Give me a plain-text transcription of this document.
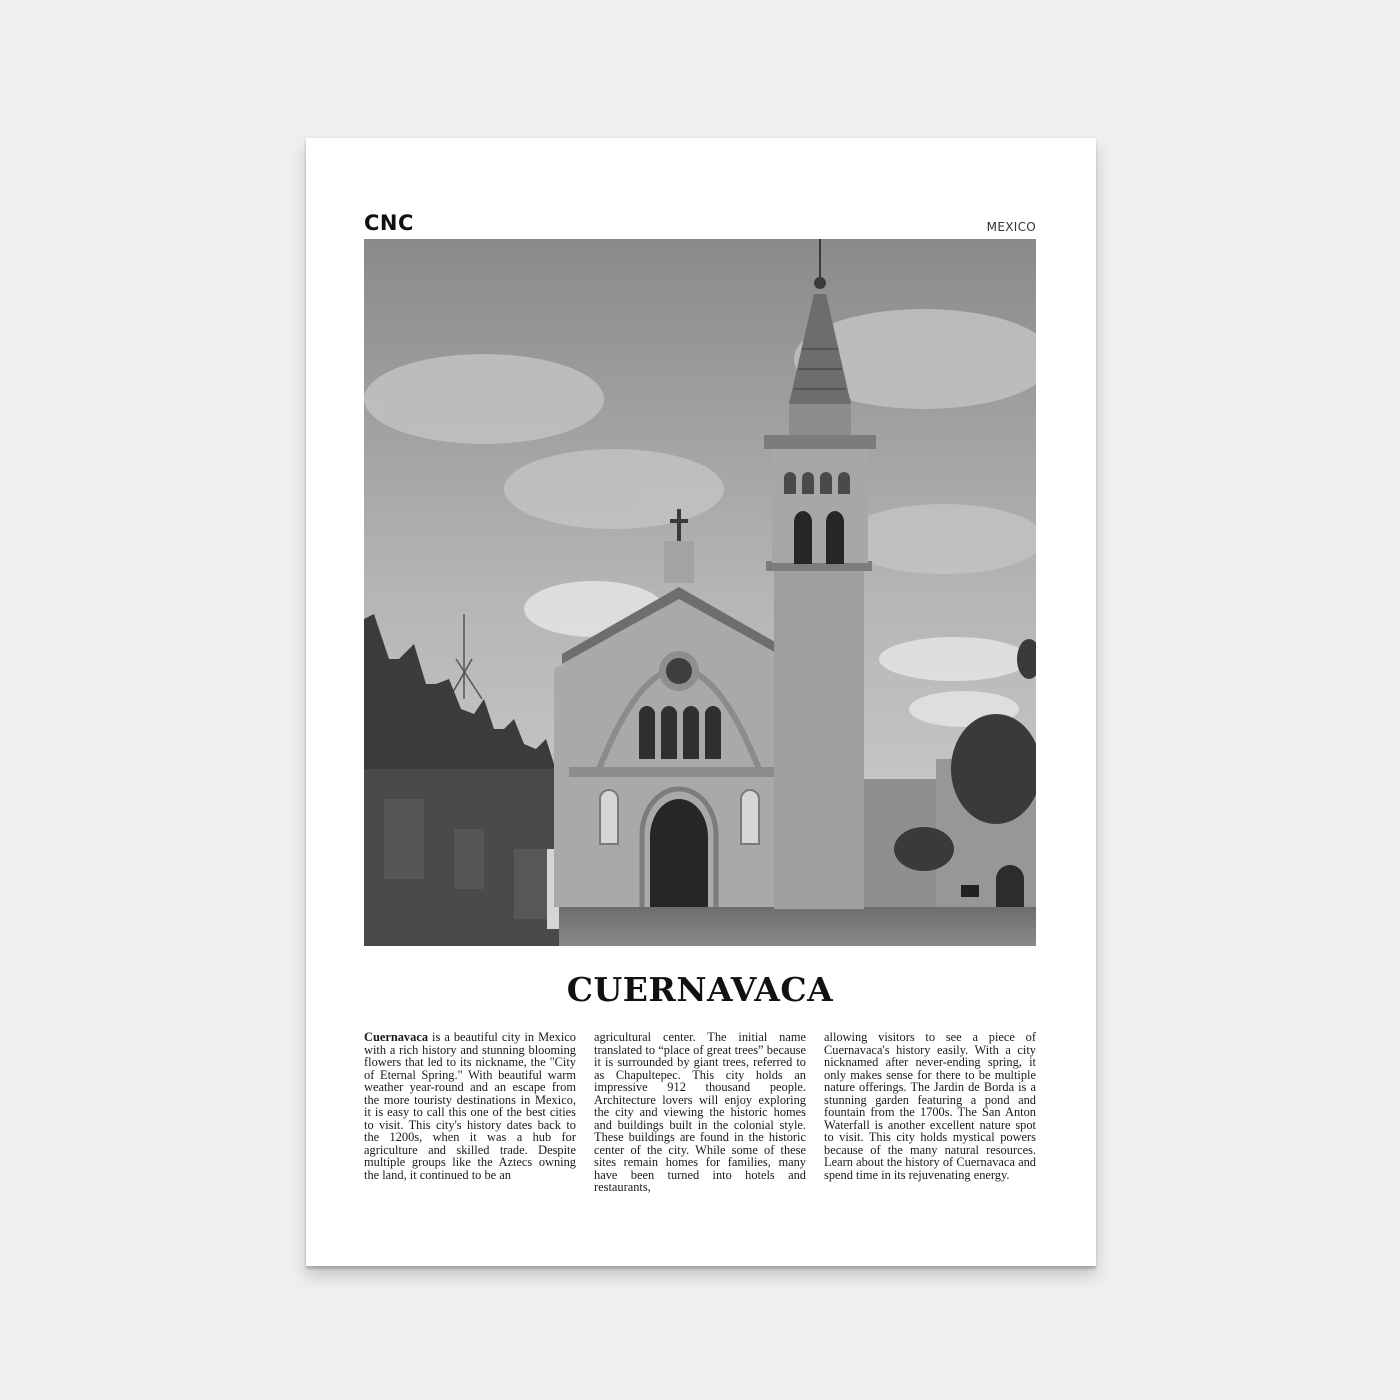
CNC	MEXICO
CUERNAVACA
Cuernavaca is a beautiful city in Mexico with a rich history and stunning blooming flowers that led to its nickname, the "City of Eternal Spring." With beautiful warm weather year-round and an escape from the more touristy destinations in Mexico, it is easy to call this one of the best cities to visit. This city's history dates back to the 1200s, when it was a hub for agriculture and skilled trade. Despite multiple groups like the Aztecs owning the land, it continued to be an
agricultural center. The initial name translated to “place of great trees” because it is surrounded by giant trees, referred to as Chapultepec. This city holds an impressive 912 thousand people. Architecture lovers will enjoy exploring the city and viewing the historic homes and buildings built in the colonial style. These buildings are found in the historic center of the city. While some of these sites remain homes for families, many have been turned into hotels and restaurants,
allowing visitors to see a piece of Cuernavaca's history easily. With a city nicknamed after never-ending spring, it only makes sense for there to be multiple nature offerings. The Jardin de Borda is a stunning garden featuring a pond and fountain from the 1700s. The San Anton Waterfall is another excellent nature spot to visit. This city holds mystical powers because of the many natural resources. Learn about the history of Cuernavaca and spend time in its rejuvenating energy.
